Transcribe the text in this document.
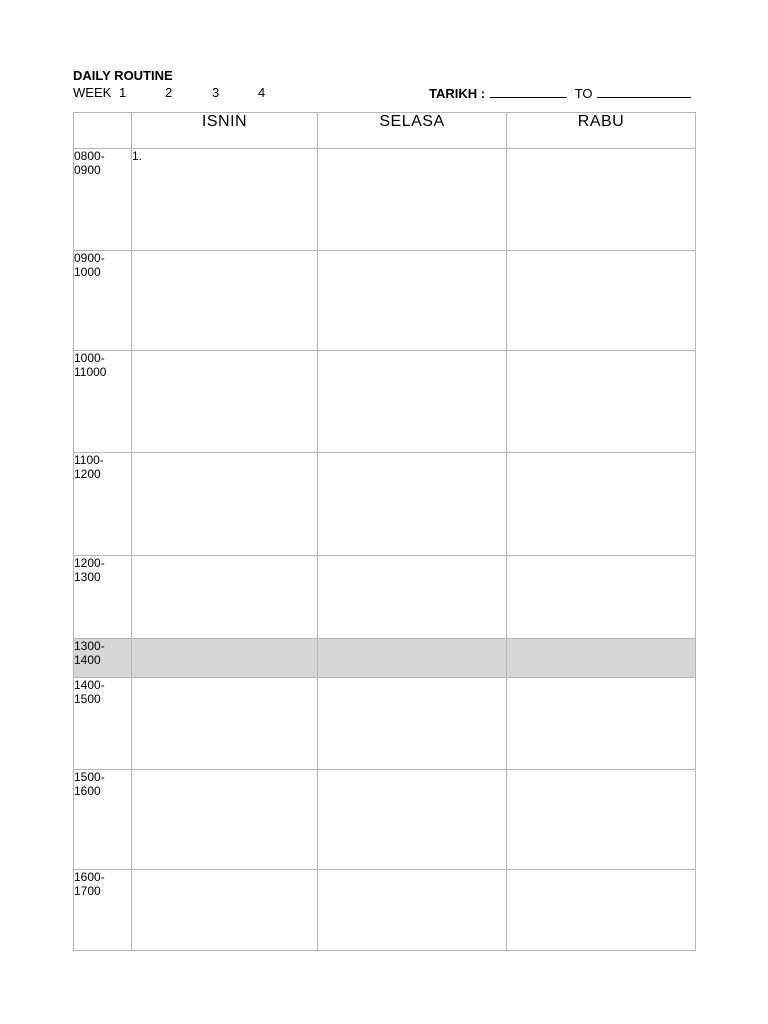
DAILY ROUTINE
WEEK 1	2	3	4	TARIKH :	TO
	ISNIN	SELASA	RABU

0800-
0900	1.		

0900-
1000			

1000-
11000			

1100-
1200			

1200-
1300			

1300-
1400			

1400-
1500			

1500-
1600			

1600-
1700			
